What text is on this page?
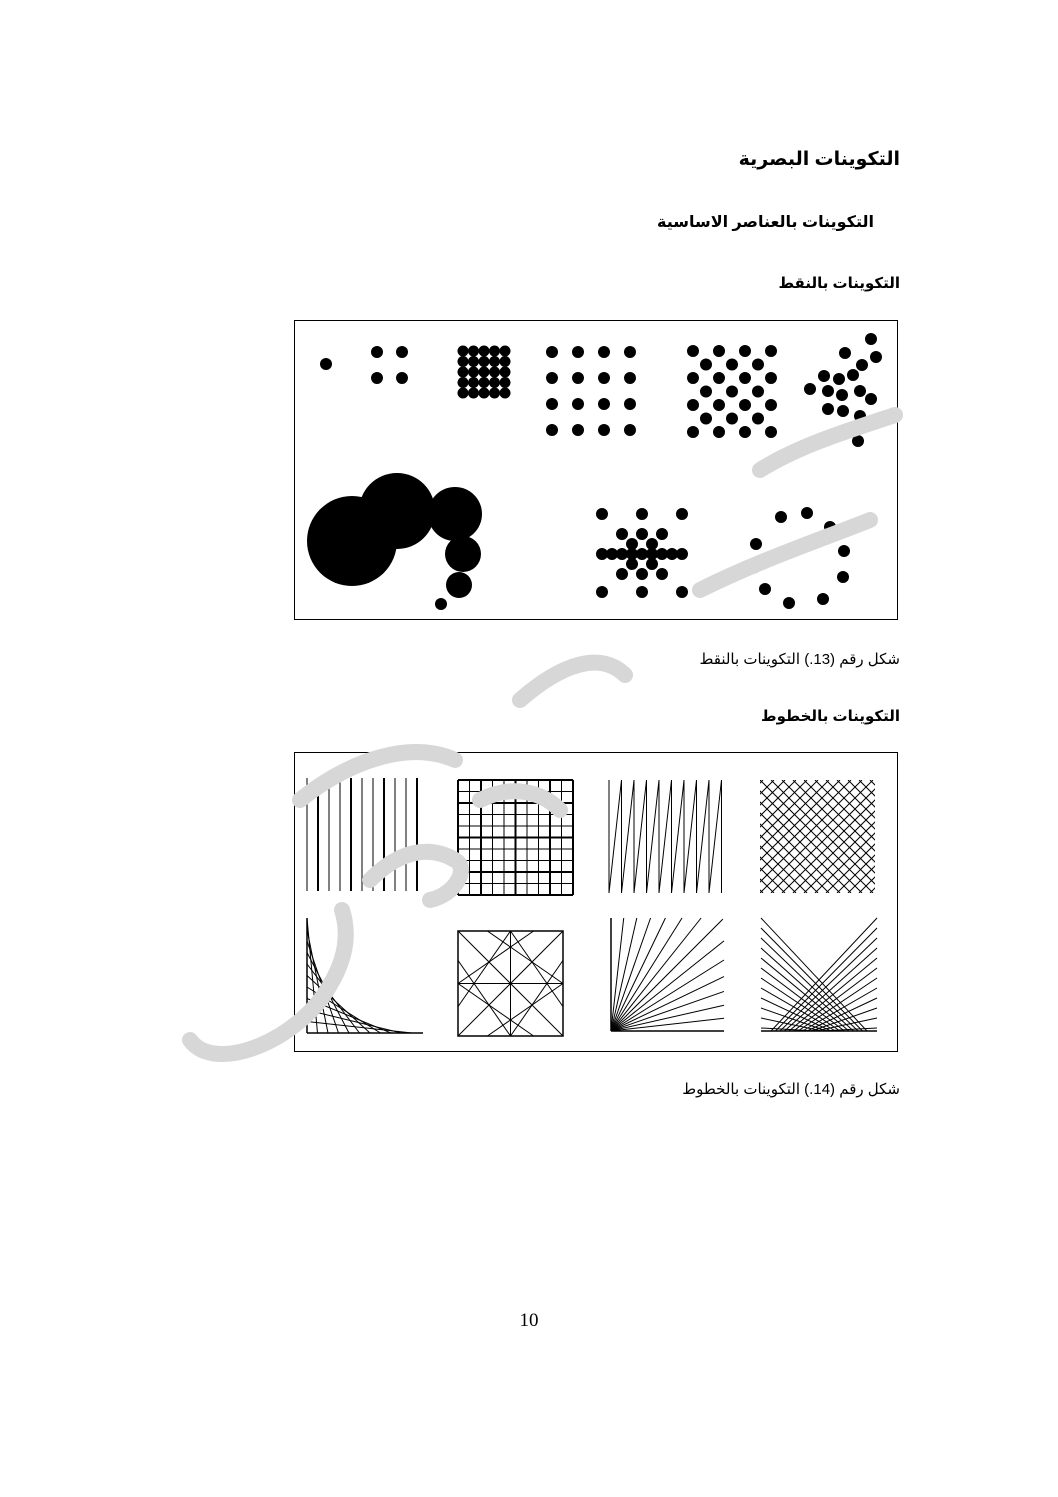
التكوينات البصرية
التكوينات بالعناصر الاساسية
التكوينات بالنقط
شكل رقم (13.) التكوينات بالنقط
التكوينات بالخطوط
شكل رقم (14.) التكوينات بالخطوط
10
